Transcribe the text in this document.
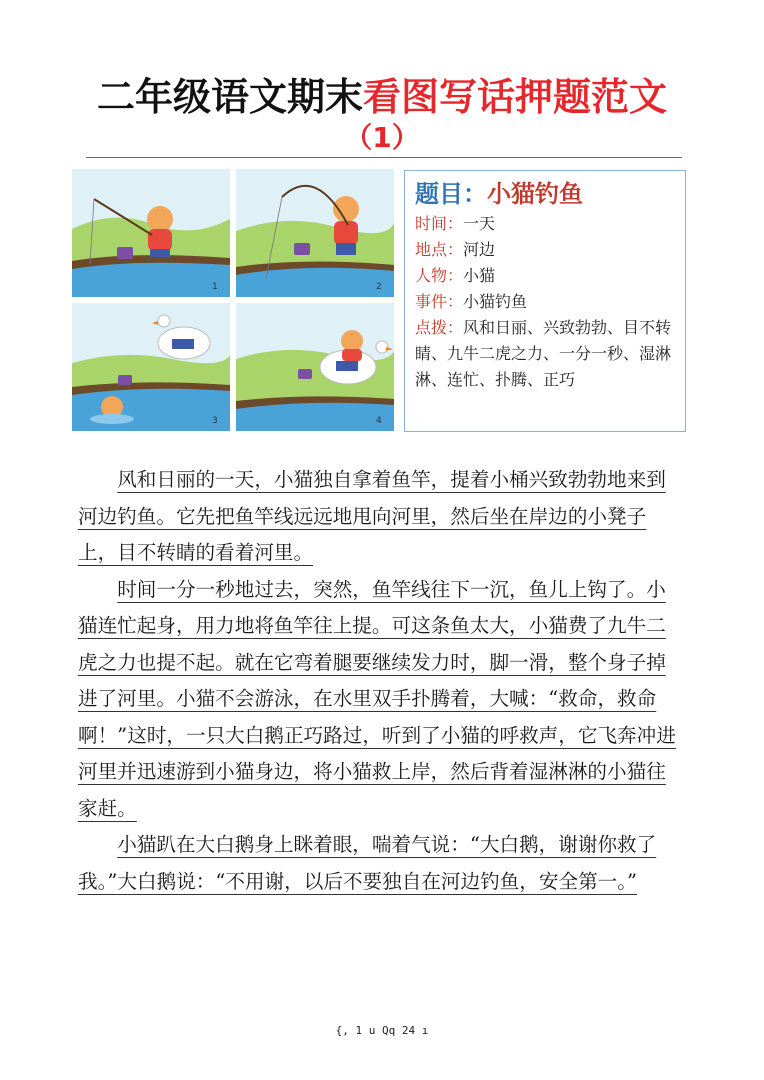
二年级语文期末看图写话押题范文
（1）
1	2
3	4
题目：小猫钓鱼
时间：一天
地点：河边
人物：小猫
事件：小猫钓鱼
点拨：风和日丽、兴致勃勃、目不转睛、九牛二虎之力、一分一秒、湿淋淋、连忙、扑腾、正巧

风和日丽的一天，小猫独自拿着鱼竿，提着小桶兴致勃勃地来到河边钓鱼。它先把鱼竿线远远地甩向河里，然后坐在岸边的小凳子上，目不转睛的看着河里。

时间一分一秒地过去，突然，鱼竿线往下一沉，鱼儿上钩了。小猫连忙起身，用力地将鱼竿往上提。可这条鱼太大，小猫费了九牛二虎之力也提不起。就在它弯着腿要继续发力时，脚一滑，整个身子掉进了河里。小猫不会游泳，在水里双手扑腾着，大喊：“救命，救命啊！”这时，一只大白鹅正巧路过，听到了小猫的呼救声，它飞奔冲进河里并迅速游到小猫身边，将小猫救上岸，然后背着湿淋淋的小猫往家赶。

小猫趴在大白鹅身上眯着眼，喘着气说：“大白鹅，谢谢你救了我。”大白鹅说：“不用谢，以后不要独自在河边钓鱼，安全第一。”

{, 1 u Qq 24 ı
